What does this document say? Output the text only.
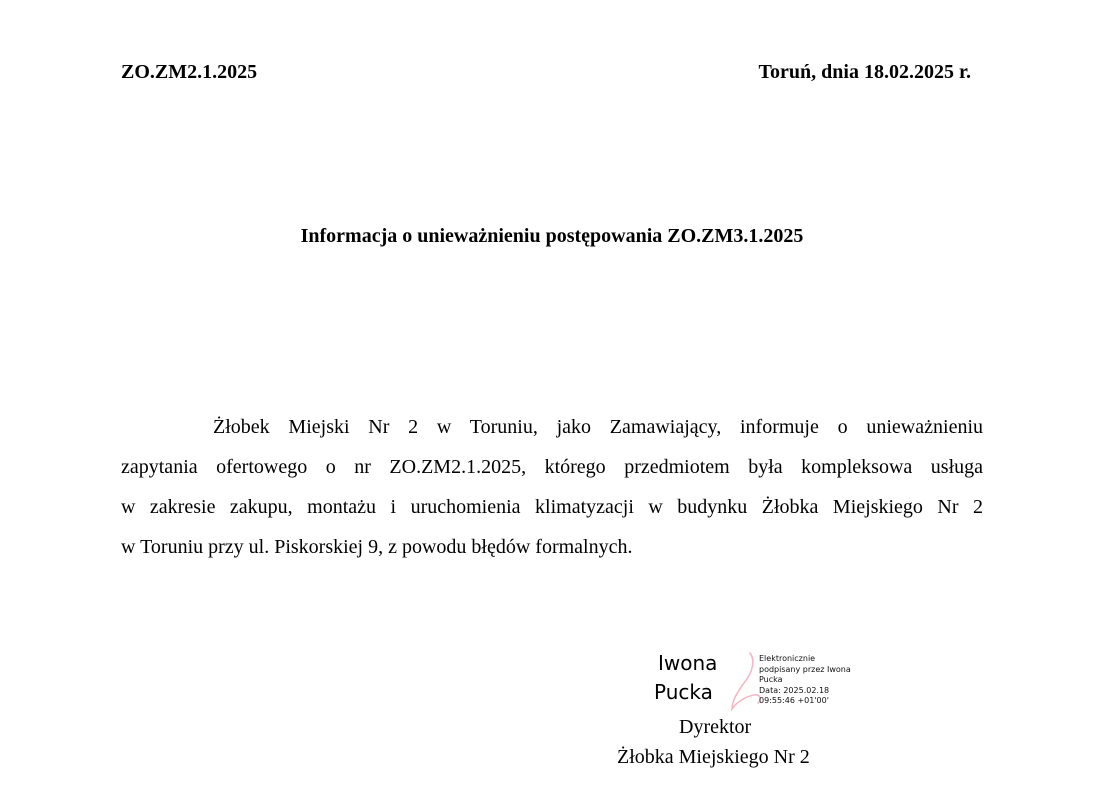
ZO.ZM2.1.2025	Toruń, dnia 18.02.2025 r.
Informacja o unieważnieniu postępowania ZO.ZM3.1.2025
Żłobek Miejski Nr 2 w Toruniu, jako Zamawiający, informuje o unieważnieniu
zapytania ofertowego o nr ZO.ZM2.1.2025, którego przedmiotem była kompleksowa usługa
w zakresie zakupu, montażu i uruchomienia klimatyzacji w budynku Żłobka Miejskiego Nr 2
w Toruniu przy ul. Piskorskiej 9, z powodu błędów formalnych.
Iwona
Pucka
Elektronicznie
podpisany przez Iwona
Pucka
Data: 2025.02.18
09:55:46 +01'00'
Dyrektor
Żłobka Miejskiego Nr 2
